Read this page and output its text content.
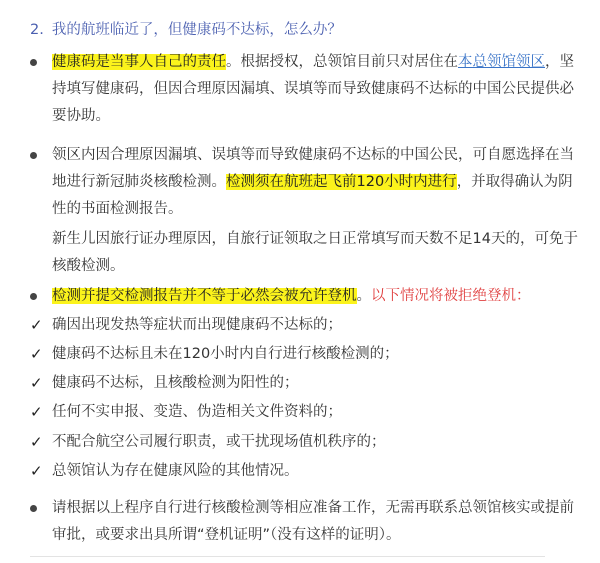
2. 我的航班临近了，但健康码不达标，怎么办？
健康码是当事人自己的责任。根据授权，总领馆目前只对居住在本总领馆领区，坚
持填写健康码，但因合理原因漏填、误填等而导致健康码不达标的中国公民提供必
要协助。
领区内因合理原因漏填、误填等而导致健康码不达标的中国公民，可自愿选择在当
地进行新冠肺炎核酸检测。检测须在航班起飞前120小时内进行，并取得确认为阴
性的书面检测报告。
新生儿因旅行证办理原因，自旅行证领取之日正常填写而天数不足14天的，可免于
核酸检测。
检测并提交检测报告并不等于必然会被允许登机。以下情况将被拒绝登机：
✓ 确因出现发热等症状而出现健康码不达标的；
✓ 健康码不达标且未在120小时内自行进行核酸检测的；
✓ 健康码不达标，且核酸检测为阳性的；
✓ 任何不实申报、变造、伪造相关文件资料的；
✓ 不配合航空公司履行职责，或干扰现场值机秩序的；
✓ 总领馆认为存在健康风险的其他情况。
请根据以上程序自行进行核酸检测等相应准备工作，无需再联系总领馆核实或提前
审批，或要求出具所谓“登机证明”（没有这样的证明）。
